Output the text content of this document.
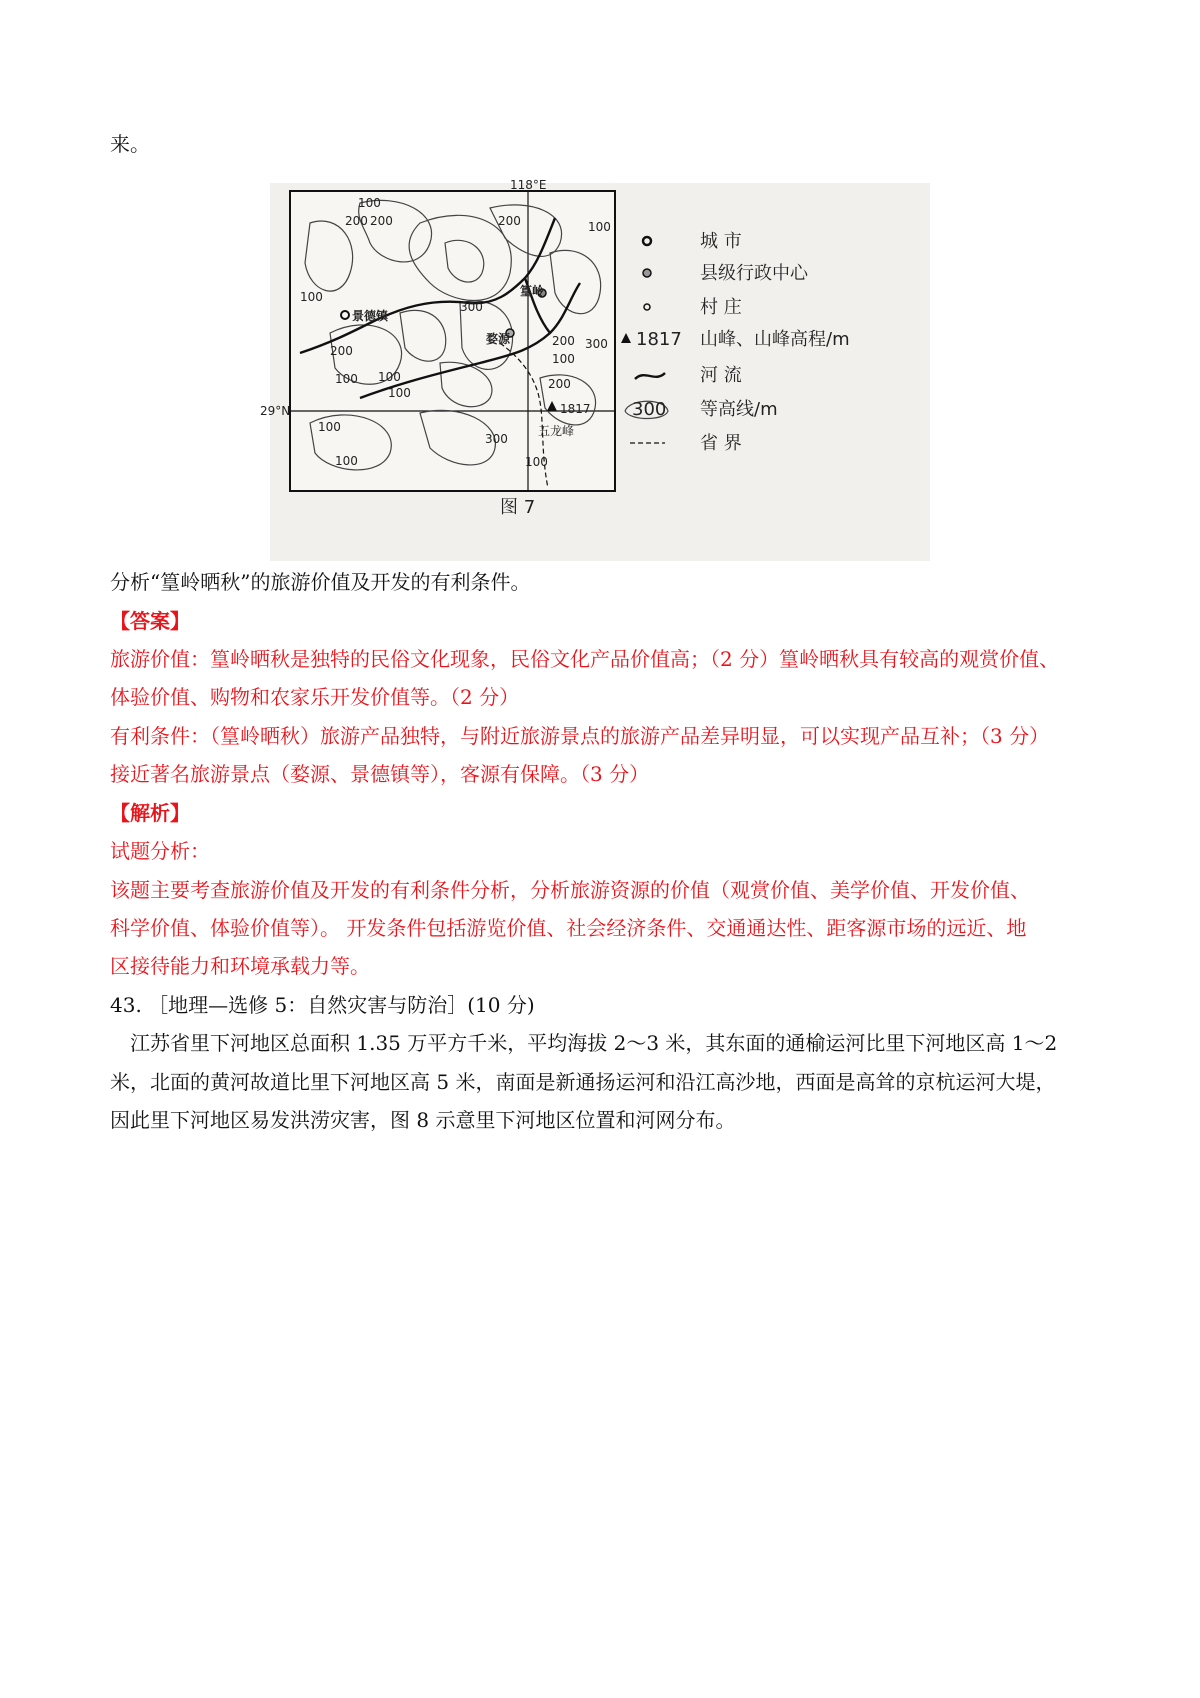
来。
118°E
29°N
100
200 200	200	100
100
300
200
200
100
300
100
100
100	200
100
100
300
100
景德镇
篁岭
婺源
1817
五龙峰
城 市
县级行政中心
村 庄
1817 山峰、山峰高程/m
河 流
300 等高线/m
省 界
图 7
分析“篁岭晒秋”的旅游价值及开发的有利条件。
【答案】
旅游价值：篁岭晒秋是独特的民俗文化现象，民俗文化产品价值高；（2 分）篁岭晒秋具有较高的观赏价值、
体验价值、购物和农家乐开发价值等。（2 分）
有利条件：（篁岭晒秋）旅游产品独特，与附近旅游景点的旅游产品差异明显，可以实现产品互补；（3 分）
接近著名旅游景点（婺源、景德镇等），客源有保障。（3 分）
【解析】
试题分析：
该题主要考查旅游价值及开发的有利条件分析，分析旅游资源的价值（观赏价值、美学价值、开发价值、
科学价值、体验价值等）。 开发条件包括游览价值、社会经济条件、交通通达性、距客源市场的远近、地
区接待能力和环境承载力等。
43. ［地理—选修 5：自然灾害与防治］(10 分)
　江苏省里下河地区总面积 1.35 万平方千米，平均海拔 2～3 米，其东面的通榆运河比里下河地区高 1～2
米，北面的黄河故道比里下河地区高 5 米，南面是新通扬运河和沿江高沙地，西面是高耸的京杭运河大堤，
因此里下河地区易发洪涝灾害，图 8 示意里下河地区位置和河网分布。
